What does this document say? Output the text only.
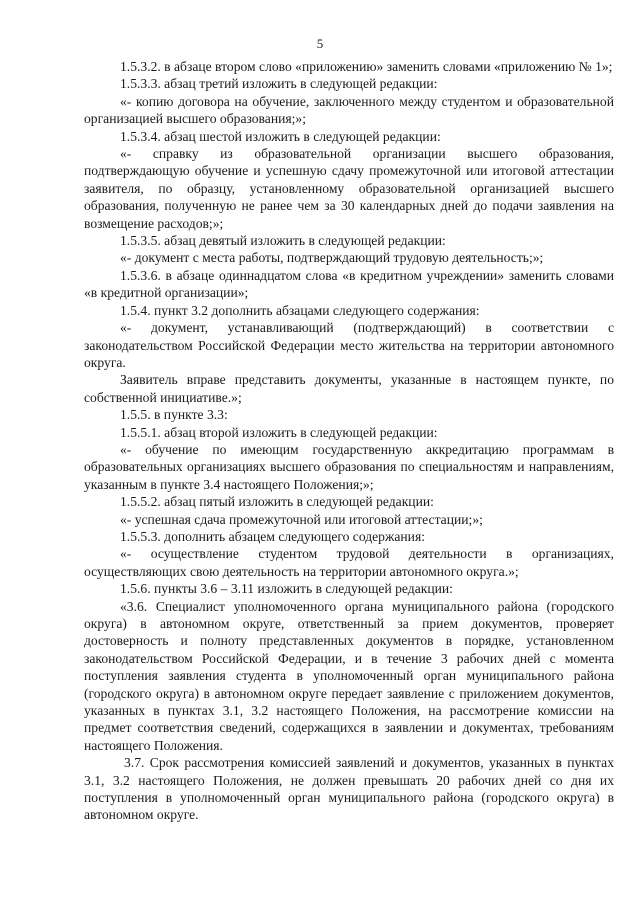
5

1.5.3.2. в абзаце втором слово «приложению» заменить словами «приложению № 1»;

1.5.3.3. абзац третий изложить в следующей редакции:

«- копию договора на обучение, заключенного между студентом и образовательной организацией высшего образования;»;

1.5.3.4. абзац шестой изложить в следующей редакции:

«- справку из образовательной организации высшего образования, подтверждающую обучение и успешную сдачу промежуточной или итоговой аттестации заявителя, по образцу, установленному образовательной организацией высшего образования, полученную не ранее чем за 30 календарных дней до подачи заявления на возмещение расходов;»;

1.5.3.5. абзац девятый изложить в следующей редакции:

«- документ с места работы, подтверждающий трудовую деятельность;»;

1.5.3.6. в абзаце одиннадцатом слова «в кредитном учреждении» заменить словами «в кредитной организации»;

1.5.4. пункт 3.2 дополнить абзацами следующего содержания:

«- документ, устанавливающий (подтверждающий) в соответствии с законодательством Российской Федерации место жительства на территории автономного округа.

Заявитель вправе представить документы, указанные в настоящем пункте, по собственной инициативе.»;

1.5.5. в пункте 3.3:

1.5.5.1. абзац второй изложить в следующей редакции:

«- обучение по имеющим государственную аккредитацию программам в образовательных организациях высшего образования по специальностям и направлениям, указанным в пункте 3.4 настоящего Положения;»;

1.5.5.2. абзац пятый изложить в следующей редакции:

«- успешная сдача промежуточной или итоговой аттестации;»;

1.5.5.3. дополнить абзацем следующего содержания:

«- осуществление студентом трудовой деятельности в организациях, осуществляющих свою деятельность на территории автономного округа.»;

1.5.6. пункты 3.6 – 3.11 изложить в следующей редакции:

«3.6. Специалист уполномоченного органа муниципального района (городского округа) в автономном округе, ответственный за прием документов, проверяет достоверность и полноту представленных документов в порядке, установленном законодательством Российской Федерации, и в течение 3 рабочих дней с момента поступления заявления студента в уполномоченный орган муниципального района (городского округа) в автономном округе передает заявление с приложением документов, указанных в пунктах 3.1, 3.2 настоящего Положения, на рассмотрение комиссии на предмет соответствия сведений, содержащихся в заявлении и документах, требованиям настоящего Положения.

3.7. Срок рассмотрения комиссией заявлений и документов, указанных в пунктах 3.1, 3.2 настоящего Положения, не должен превышать 20 рабочих дней со дня их поступления в уполномоченный орган муниципального района (городского округа) в автономном округе.
